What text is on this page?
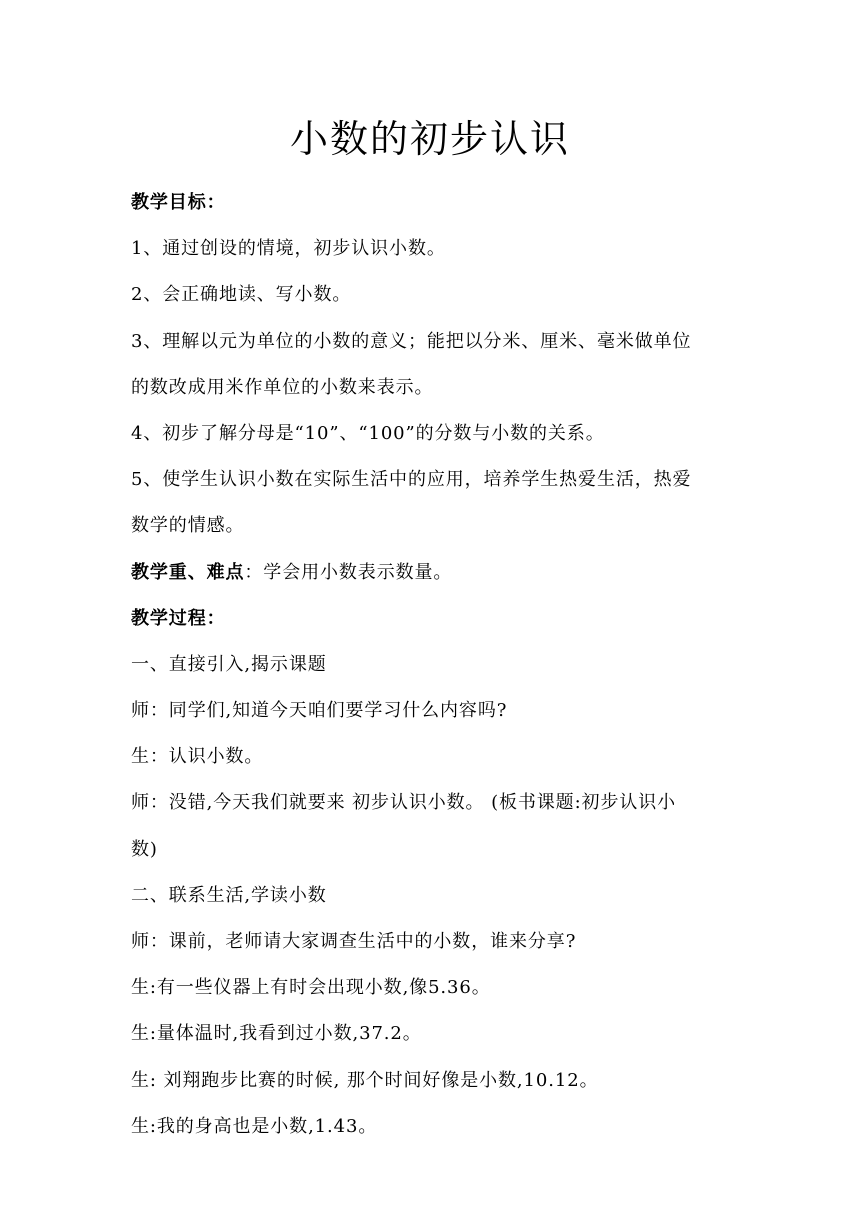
小数的初步认识
教学目标：
1、通过创设的情境，初步认识小数。
2、会正确地读、写小数。
3、理解以元为单位的小数的意义；能把以分米、厘米、毫米做单位
的数改成用米作单位的小数来表示。
4、初步了解分母是“10”、“100”的分数与小数的关系。
5、使学生认识小数在实际生活中的应用，培养学生热爱生活，热爱
数学的情感。
教学重、难点：学会用小数表示数量。
教学过程：
一、直接引入,揭示课题
师：同学们,知道今天咱们要学习什么内容吗?
生：认识小数。
师：没错,今天我们就要来 初步认识小数。 (板书课题:初步认识小
数)
二、联系生活,学读小数
师：课前，老师请大家调查生活中的小数，谁来分享?
生:有一些仪器上有时会出现小数,像5.36。
生:量体温时,我看到过小数,37.2。
生: 刘翔跑步比赛的时候, 那个时间好像是小数,10.12。
生:我的身高也是小数,1.43。
